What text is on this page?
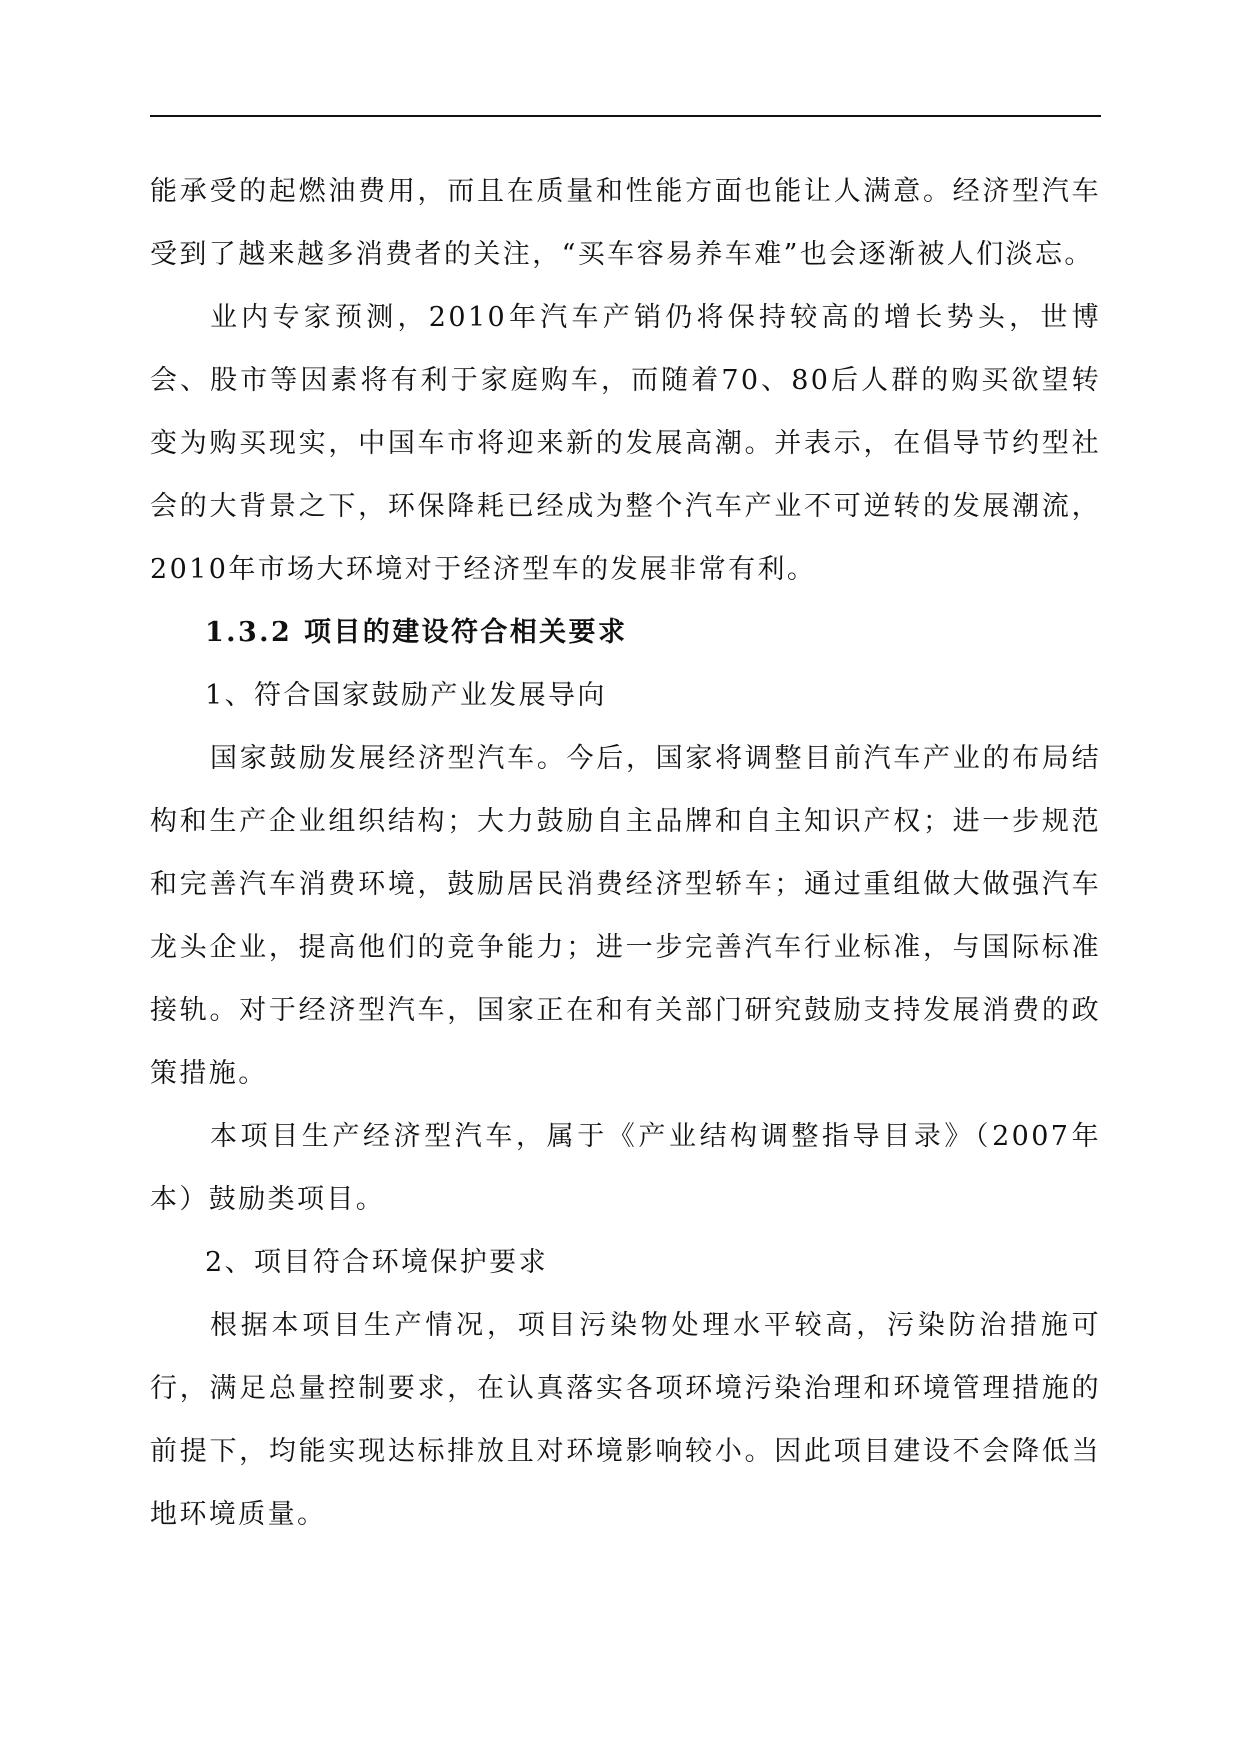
能承受的起燃油费用，而且在质量和性能方面也能让人满意。经济型汽车受到了越来越多消费者的关注，“买车容易养车难”也会逐渐被人们淡忘。

业内专家预测，2010年汽车产销仍将保持较高的增长势头，世博会、股市等因素将有利于家庭购车，而随着70、80后人群的购买欲望转变为购买现实，中国车市将迎来新的发展高潮。并表示，在倡导节约型社会的大背景之下，环保降耗已经成为整个汽车产业不可逆转的发展潮流，2010年市场大环境对于经济型车的发展非常有利。

1.3.2 项目的建设符合相关要求

1、符合国家鼓励产业发展导向

国家鼓励发展经济型汽车。今后，国家将调整目前汽车产业的布局结构和生产企业组织结构；大力鼓励自主品牌和自主知识产权；进一步规范和完善汽车消费环境，鼓励居民消费经济型轿车；通过重组做大做强汽车龙头企业，提高他们的竞争能力；进一步完善汽车行业标准，与国际标准接轨。对于经济型汽车，国家正在和有关部门研究鼓励支持发展消费的政策措施。

本项目生产经济型汽车，属于《产业结构调整指导目录》（2007年本）鼓励类项目。

2、项目符合环境保护要求

根据本项目生产情况，项目污染物处理水平较高，污染防治措施可行，满足总量控制要求，在认真落实各项环境污染治理和环境管理措施的前提下，均能实现达标排放且对环境影响较小。因此项目建设不会降低当地环境质量。
